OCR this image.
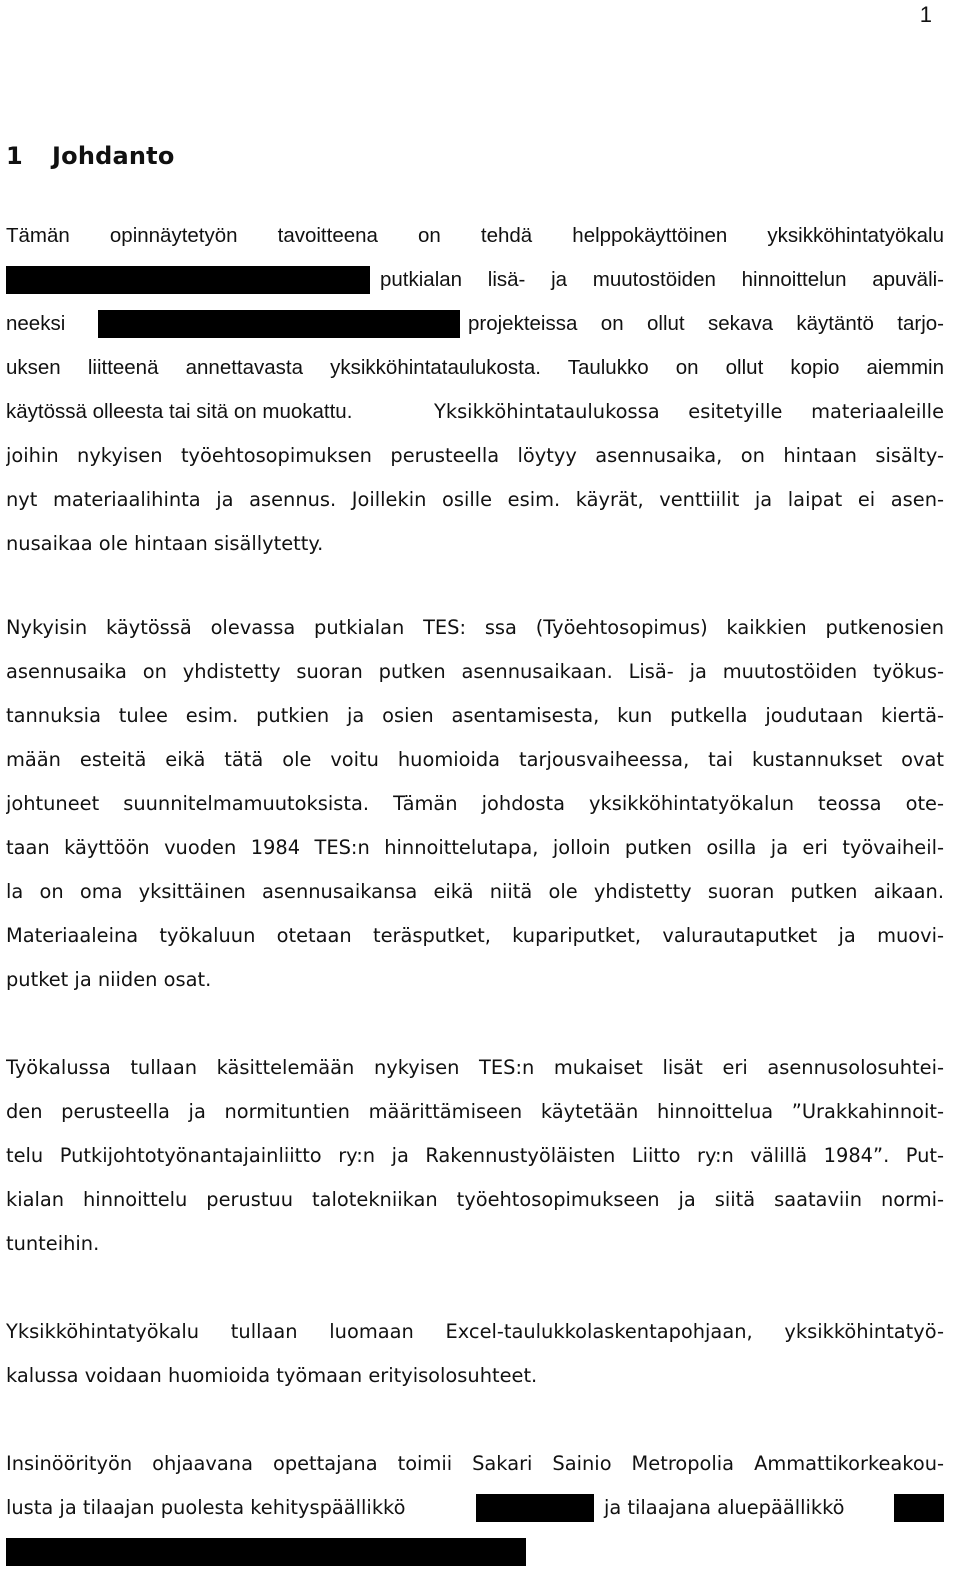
1
1 Johdanto
Tämän opinnäytetyön tavoitteena on tehdä helppokäyttöinen yksikköhintatyökalu
putkialan lisä- ja muutostöiden hinnoittelun apuväli-
neeksi	projekteissa on ollut sekava käytäntö tarjo-
uksen liitteenä annettavasta yksikköhintataulukosta. Taulukko on ollut kopio aiemmin
käytössä olleesta tai sitä on muokattu.	Yksikköhintataulukossa esitetyille materiaaleille
joihin nykyisen työehtosopimuksen perusteella löytyy asennusaika, on hintaan sisälty-
nyt materiaalihinta ja asennus. Joillekin osille esim. käyrät, venttiilit ja laipat ei asen-
nusaikaa ole hintaan sisällytetty.
Nykyisin käytössä olevassa putkialan TES: ssa (Työehtosopimus) kaikkien putkenosien
asennusaika on yhdistetty suoran putken asennusaikaan. Lisä- ja muutostöiden työkus-
tannuksia tulee esim. putkien ja osien asentamisesta, kun putkella joudutaan kiertä-
mään esteitä eikä tätä ole voitu huomioida tarjousvaiheessa, tai kustannukset ovat
johtuneet suunnitelmamuutoksista. Tämän johdosta yksikköhintatyökalun teossa ote-
taan käyttöön vuoden 1984 TES:n hinnoittelutapa, jolloin putken osilla ja eri työvaiheil-
la on oma yksittäinen asennusaikansa eikä niitä ole yhdistetty suoran putken aikaan.
Materiaaleina työkaluun otetaan teräsputket, kupariputket, valurautaputket ja muovi-
putket ja niiden osat.
Työkalussa tullaan käsittelemään nykyisen TES:n mukaiset lisät eri asennusolosuhtei-
den perusteella ja normituntien määrittämiseen käytetään hinnoittelua ”Urakkahinnoit-
telu Putkijohtotyönantajainliitto ry:n ja Rakennustyöläisten Liitto ry:n välillä 1984”. Put-
kialan hinnoittelu perustuu talotekniikan työehtosopimukseen ja siitä saataviin normi-
tunteihin.
Yksikköhintatyökalu tullaan luomaan Excel-taulukkolaskentapohjaan, yksikköhintatyö-
kalussa voidaan huomioida työmaan erityisolosuhteet.
Insinöörityön ohjaavana opettajana toimii Sakari Sainio Metropolia Ammattikorkeakou-
lusta ja tilaajan puolesta kehityspäällikkö	ja tilaajana aluepäällikkö
